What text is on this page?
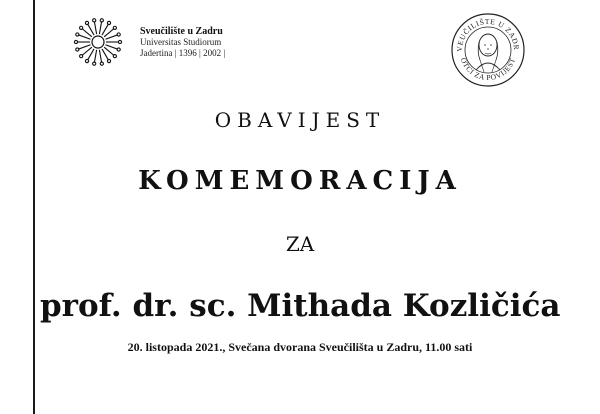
Sveučilište u Zadru
Universitas Studiorum
Jadertina | 1396 | 2002 |	VEUČILIŠTE U ZADR
OTCI ZA POVIJEST
OBAVIJEST
KOMEMORACIJA
ZA
prof. dr. sc. Mithada Kozličića
20. listopada 2021., Svečana dvorana Sveučilišta u Zadru, 11.00 sati
